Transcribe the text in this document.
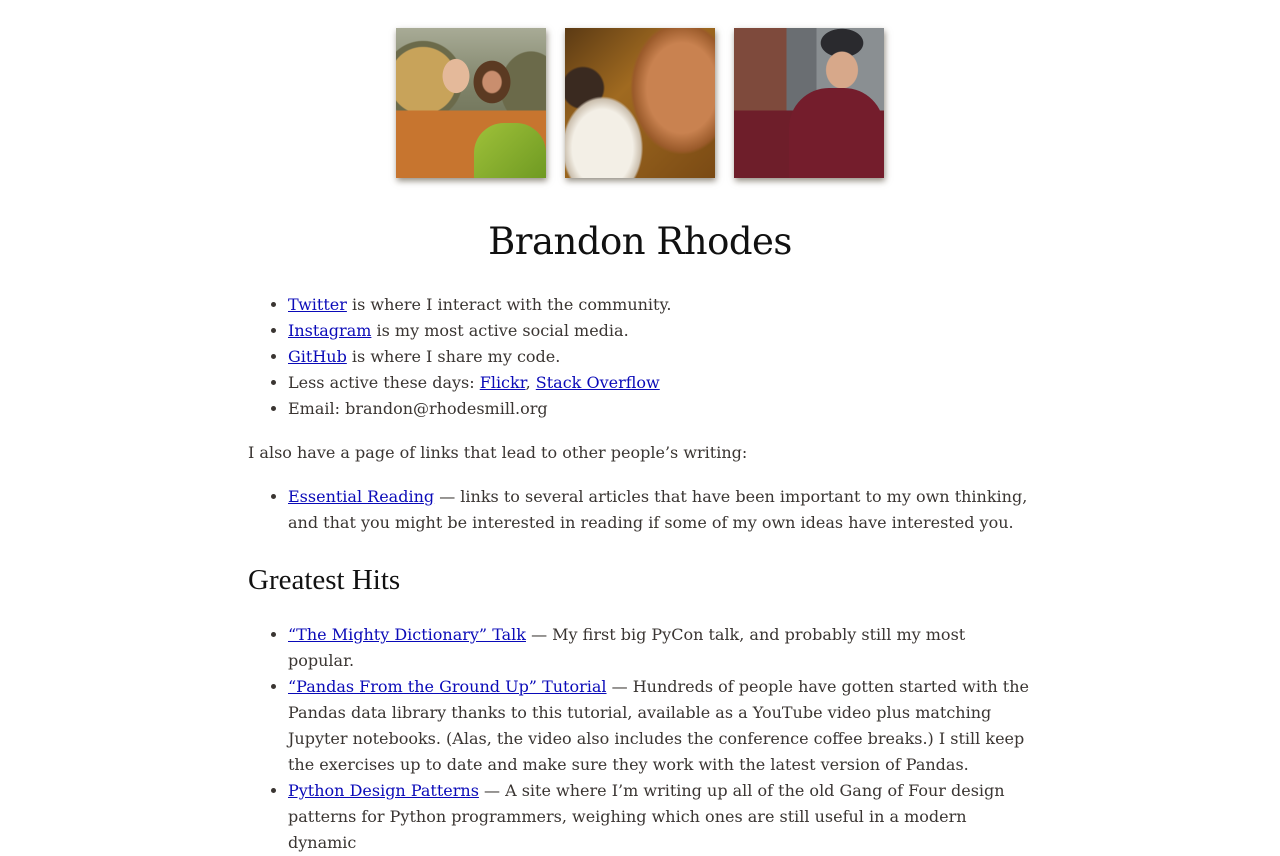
Brandon Rhodes
• Twitter is where I interact with the community.
• Instagram is my most active social media.
• GitHub is where I share my code.
• Less active these days: Flickr, Stack Overflow
• Email: brandon@rhodesmill.org

I also have a page of links that lead to other people’s writing:

• Essential Reading — links to several articles that have been important to my own thinking, and that you might be interested in reading if some of my own ideas have interested you.
Greatest Hits
• “The Mighty Dictionary” Talk — My first big PyCon talk, and probably still my most popular.
• “Pandas From the Ground Up” Tutorial — Hundreds of people have gotten started with the Pandas data library thanks to this tutorial, available as a YouTube video plus matching Jupyter notebooks. (Alas, the video also includes the conference coffee breaks.) I still keep the exercises up to date and make sure they work with the latest version of Pandas.
• Python Design Patterns — A site where I’m writing up all of the old Gang of Four design patterns for Python programmers, weighing which ones are still useful in a modern dynamic
